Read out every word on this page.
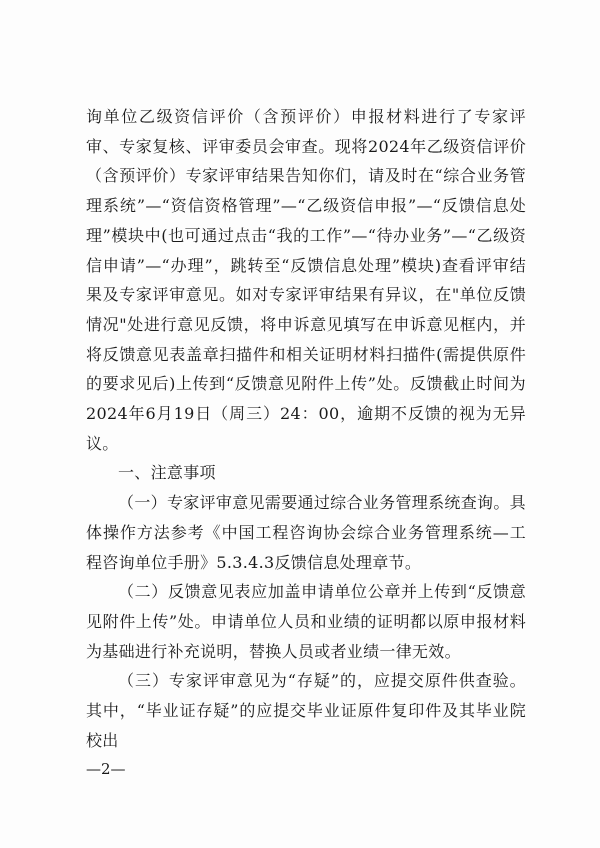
询单位乙级资信评价（含预评价）申报材料进行了专家评审、专家复核、评审委员会审查。现将2024年乙级资信评价（含预评价）专家评审结果告知你们，请及时在“综合业务管理系统”—“资信资格管理”—“乙级资信申报”—“反馈信息处理”模块中(也可通过点击“我的工作”—“待办业务”—“乙级资信申请”—“办理”，跳转至“反馈信息处理”模块)查看评审结果及专家评审意见。如对专家评审结果有异议，在"单位反馈情况"处进行意见反馈，将申诉意见填写在申诉意见框内，并将反馈意见表盖章扫描件和相关证明材料扫描件(需提供原件的要求见后)上传到“反馈意见附件上传”处。反馈截止时间为2024年6月19日（周三）24：00，逾期不反馈的视为无异议。

一、注意事项

（一）专家评审意见需要通过综合业务管理系统查询。具体操作方法参考《中国工程咨询协会综合业务管理系统—工程咨询单位手册》5.3.4.3反馈信息处理章节。

（二）反馈意见表应加盖申请单位公章并上传到“反馈意见附件上传”处。申请单位人员和业绩的证明都以原申报材料为基础进行补充说明，替换人员或者业绩一律无效。

（三）专家评审意见为“存疑”的，应提交原件供查验。其中，“毕业证存疑”的应提交毕业证原件复印件及其毕业院校出

—2—
